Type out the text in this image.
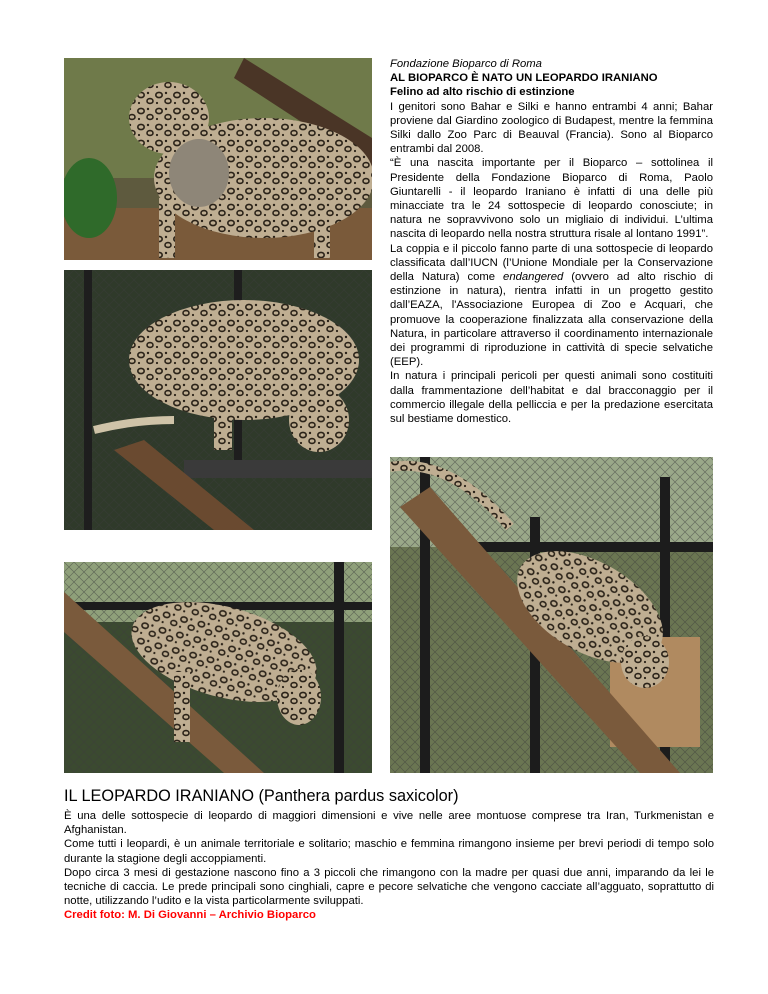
Fondazione Bioparco di Roma

AL BIOPARCO È NATO UN LEOPARDO IRANIANO

Felino ad alto rischio di estinzione

I genitori sono Bahar e Silki e hanno entrambi 4 anni; Bahar proviene dal Giardino zoologico di Budapest, mentre la femmina Silki dallo Zoo Parc di Beauval (Francia). Sono al Bioparco entrambi dal 2008.

“È una nascita importante per il Bioparco – sottolinea il Presidente della Fondazione Bioparco di Roma, Paolo Giuntarelli - il leopardo Iraniano è infatti di una delle più minacciate tra le 24 sottospecie di leopardo conosciute; in natura ne sopravvivono solo un migliaio di individui. L’ultima nascita di leopardo nella nostra struttura risale al lontano 1991”.

La coppia e il piccolo fanno parte di una sottospecie di leopardo classificata dall’IUCN (l’Unione Mondiale per la Conservazione della Natura) come endangered (ovvero ad alto rischio di estinzione in natura), rientra infatti in un progetto gestito dall’EAZA, l'Associazione Europea di Zoo e Acquari, che promuove la cooperazione finalizzata alla conservazione della Natura, in particolare attraverso il coordinamento internazionale dei programmi di riproduzione in cattività di specie selvatiche (EEP).

In natura i principali pericoli per questi animali sono costituiti dalla frammentazione dell’habitat e dal bracconaggio per il commercio illegale della pelliccia e per la predazione esercitata sul bestiame domestico.

IL LEOPARDO IRANIANO (Panthera pardus saxicolor)

È una delle sottospecie di leopardo di maggiori dimensioni e vive nelle aree montuose comprese tra Iran, Turkmenistan e Afghanistan.

Come tutti i leopardi, è un animale territoriale e solitario; maschio e femmina rimangono insieme per brevi periodi di tempo solo durante la stagione degli accoppiamenti.

Dopo circa 3 mesi di gestazione nascono fino a 3 piccoli che rimangono con la madre per quasi due anni, imparando da lei le tecniche di caccia. Le prede principali sono cinghiali, capre e pecore selvatiche che vengono cacciate all’agguato, soprattutto di notte, utilizzando l’udito e la vista particolarmente sviluppati.

Credit foto: M. Di Giovanni – Archivio Bioparco
